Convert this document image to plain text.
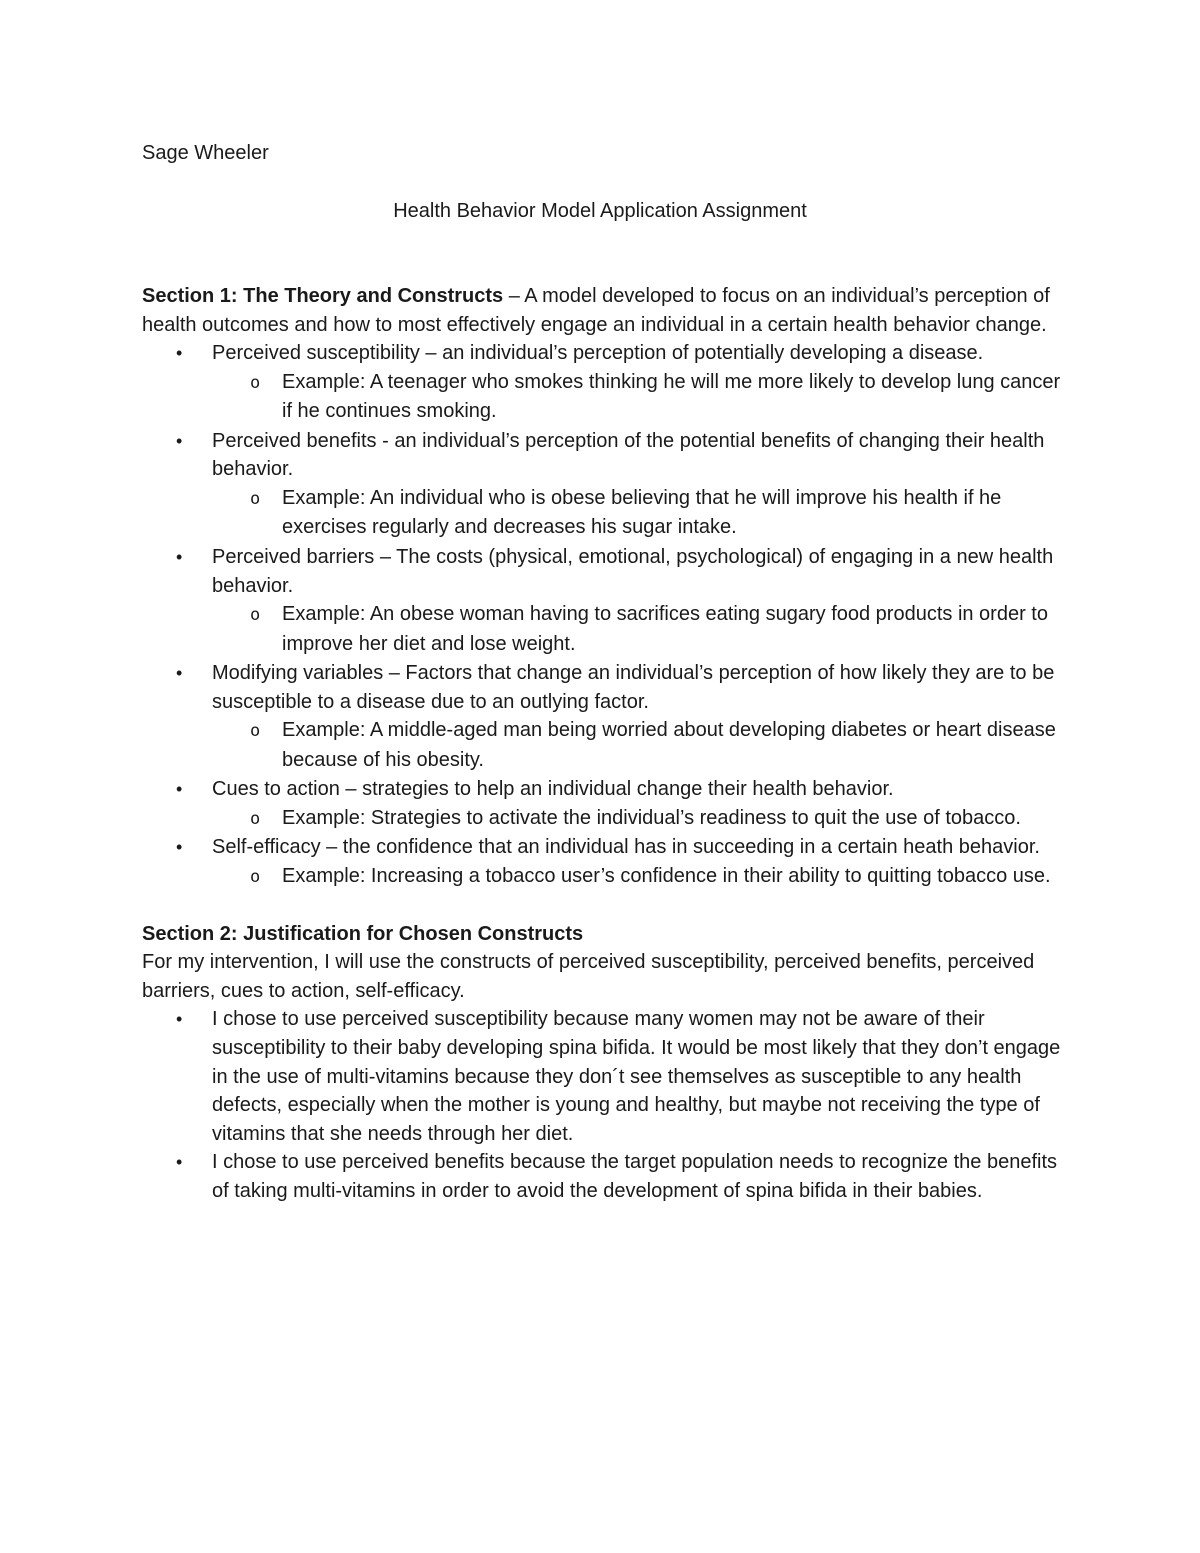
Sage Wheeler

Health Behavior Model Application Assignment

Section 1: The Theory and Constructs – A model developed to focus on an individual’s perception of health outcomes and how to most effectively engage an individual in a certain health behavior change.

• Perceived susceptibility – an individual’s perception of potentially developing a disease.
o Example: A teenager who smokes thinking he will me more likely to develop lung cancer if he continues smoking.
• Perceived benefits - an individual’s perception of the potential benefits of changing their health behavior.
o Example: An individual who is obese believing that he will improve his health if he exercises regularly and decreases his sugar intake.
• Perceived barriers – The costs (physical, emotional, psychological) of engaging in a new health behavior.
o Example: An obese woman having to sacrifices eating sugary food products in order to improve her diet and lose weight.
• Modifying variables – Factors that change an individual’s perception of how likely they are to be susceptible to a disease due to an outlying factor.
o Example: A middle-aged man being worried about developing diabetes or heart disease because of his obesity.
• Cues to action – strategies to help an individual change their health behavior.
o Example: Strategies to activate the individual’s readiness to quit the use of tobacco.
• Self-efficacy – the confidence that an individual has in succeeding in a certain heath behavior.
o Example: Increasing a tobacco user’s confidence in their ability to quitting tobacco use.

Section 2: Justification for Chosen Constructs

For my intervention, I will use the constructs of perceived susceptibility, perceived benefits, perceived barriers, cues to action, self-efficacy.

• I chose to use perceived susceptibility because many women may not be aware of their susceptibility to their baby developing spina bifida. It would be most likely that they don’t engage in the use of multi-vitamins because they don´t see themselves as susceptible to any health defects, especially when the mother is young and healthy, but maybe not receiving the type of vitamins that she needs through her diet.
• I chose to use perceived benefits because the target population needs to recognize the benefits of taking multi-vitamins in order to avoid the development of spina bifida in their babies.
